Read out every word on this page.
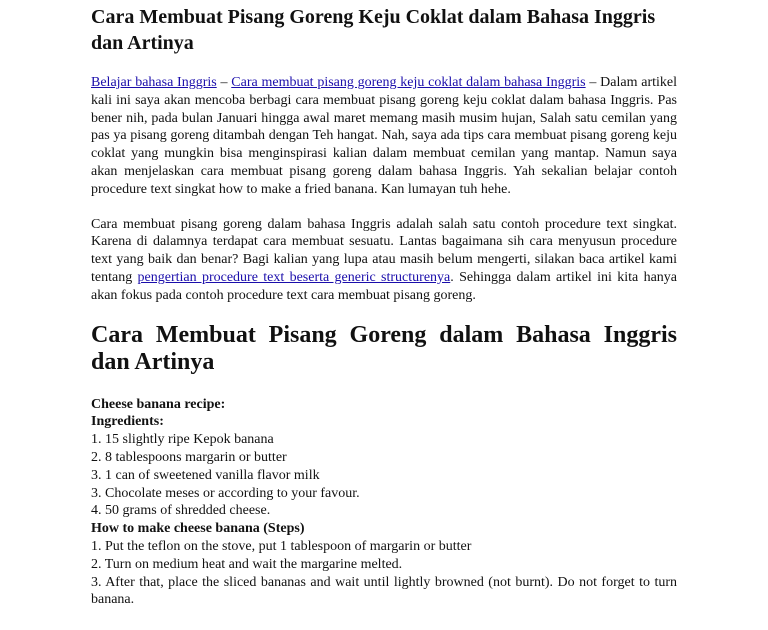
Cara Membuat Pisang Goreng Keju Coklat dalam Bahasa Inggris dan Artinya

Belajar bahasa Inggris – Cara membuat pisang goreng keju coklat dalam bahasa Inggris – Dalam artikel kali ini saya akan mencoba berbagi cara membuat pisang goreng keju coklat dalam bahasa Inggris. Pas bener nih, pada bulan Januari hingga awal maret memang masih musim hujan, Salah satu cemilan yang pas ya pisang goreng ditambah dengan Teh hangat. Nah, saya ada tips cara membuat pisang goreng keju coklat yang mungkin bisa menginspirasi kalian dalam membuat cemilan yang mantap. Namun saya akan menjelaskan cara membuat pisang goreng dalam bahasa Inggris. Yah sekalian belajar contoh procedure text singkat how to make a fried banana. Kan lumayan tuh hehe.

Cara membuat pisang goreng dalam bahasa Inggris adalah salah satu contoh procedure text singkat. Karena di dalamnya terdapat cara membuat sesuatu. Lantas bagaimana sih cara menyusun procedure text yang baik dan benar? Bagi kalian yang lupa atau masih belum mengerti, silakan baca artikel kami tentang pengertian procedure text beserta generic structurenya. Sehingga dalam artikel ini kita hanya akan fokus pada contoh procedure text cara membuat pisang goreng.

Cara Membuat Pisang Goreng dalam Bahasa Inggris dan Artinya
Cheese banana recipe:
Ingredients:
1. 15 slightly ripe Kepok banana
2. 8 tablespoons margarin or butter
3. 1 can of sweetened vanilla flavor milk
3. Chocolate meses or according to your favour.
4. 50 grams of shredded cheese.
How to make cheese banana (Steps)
1. Put the teflon on the stove, put 1 tablespoon of margarin or butter
2. Turn on medium heat and wait the margarine melted.
3. After that, place the sliced bananas and wait until lightly browned (not burnt). Do not forget to turn banana.
